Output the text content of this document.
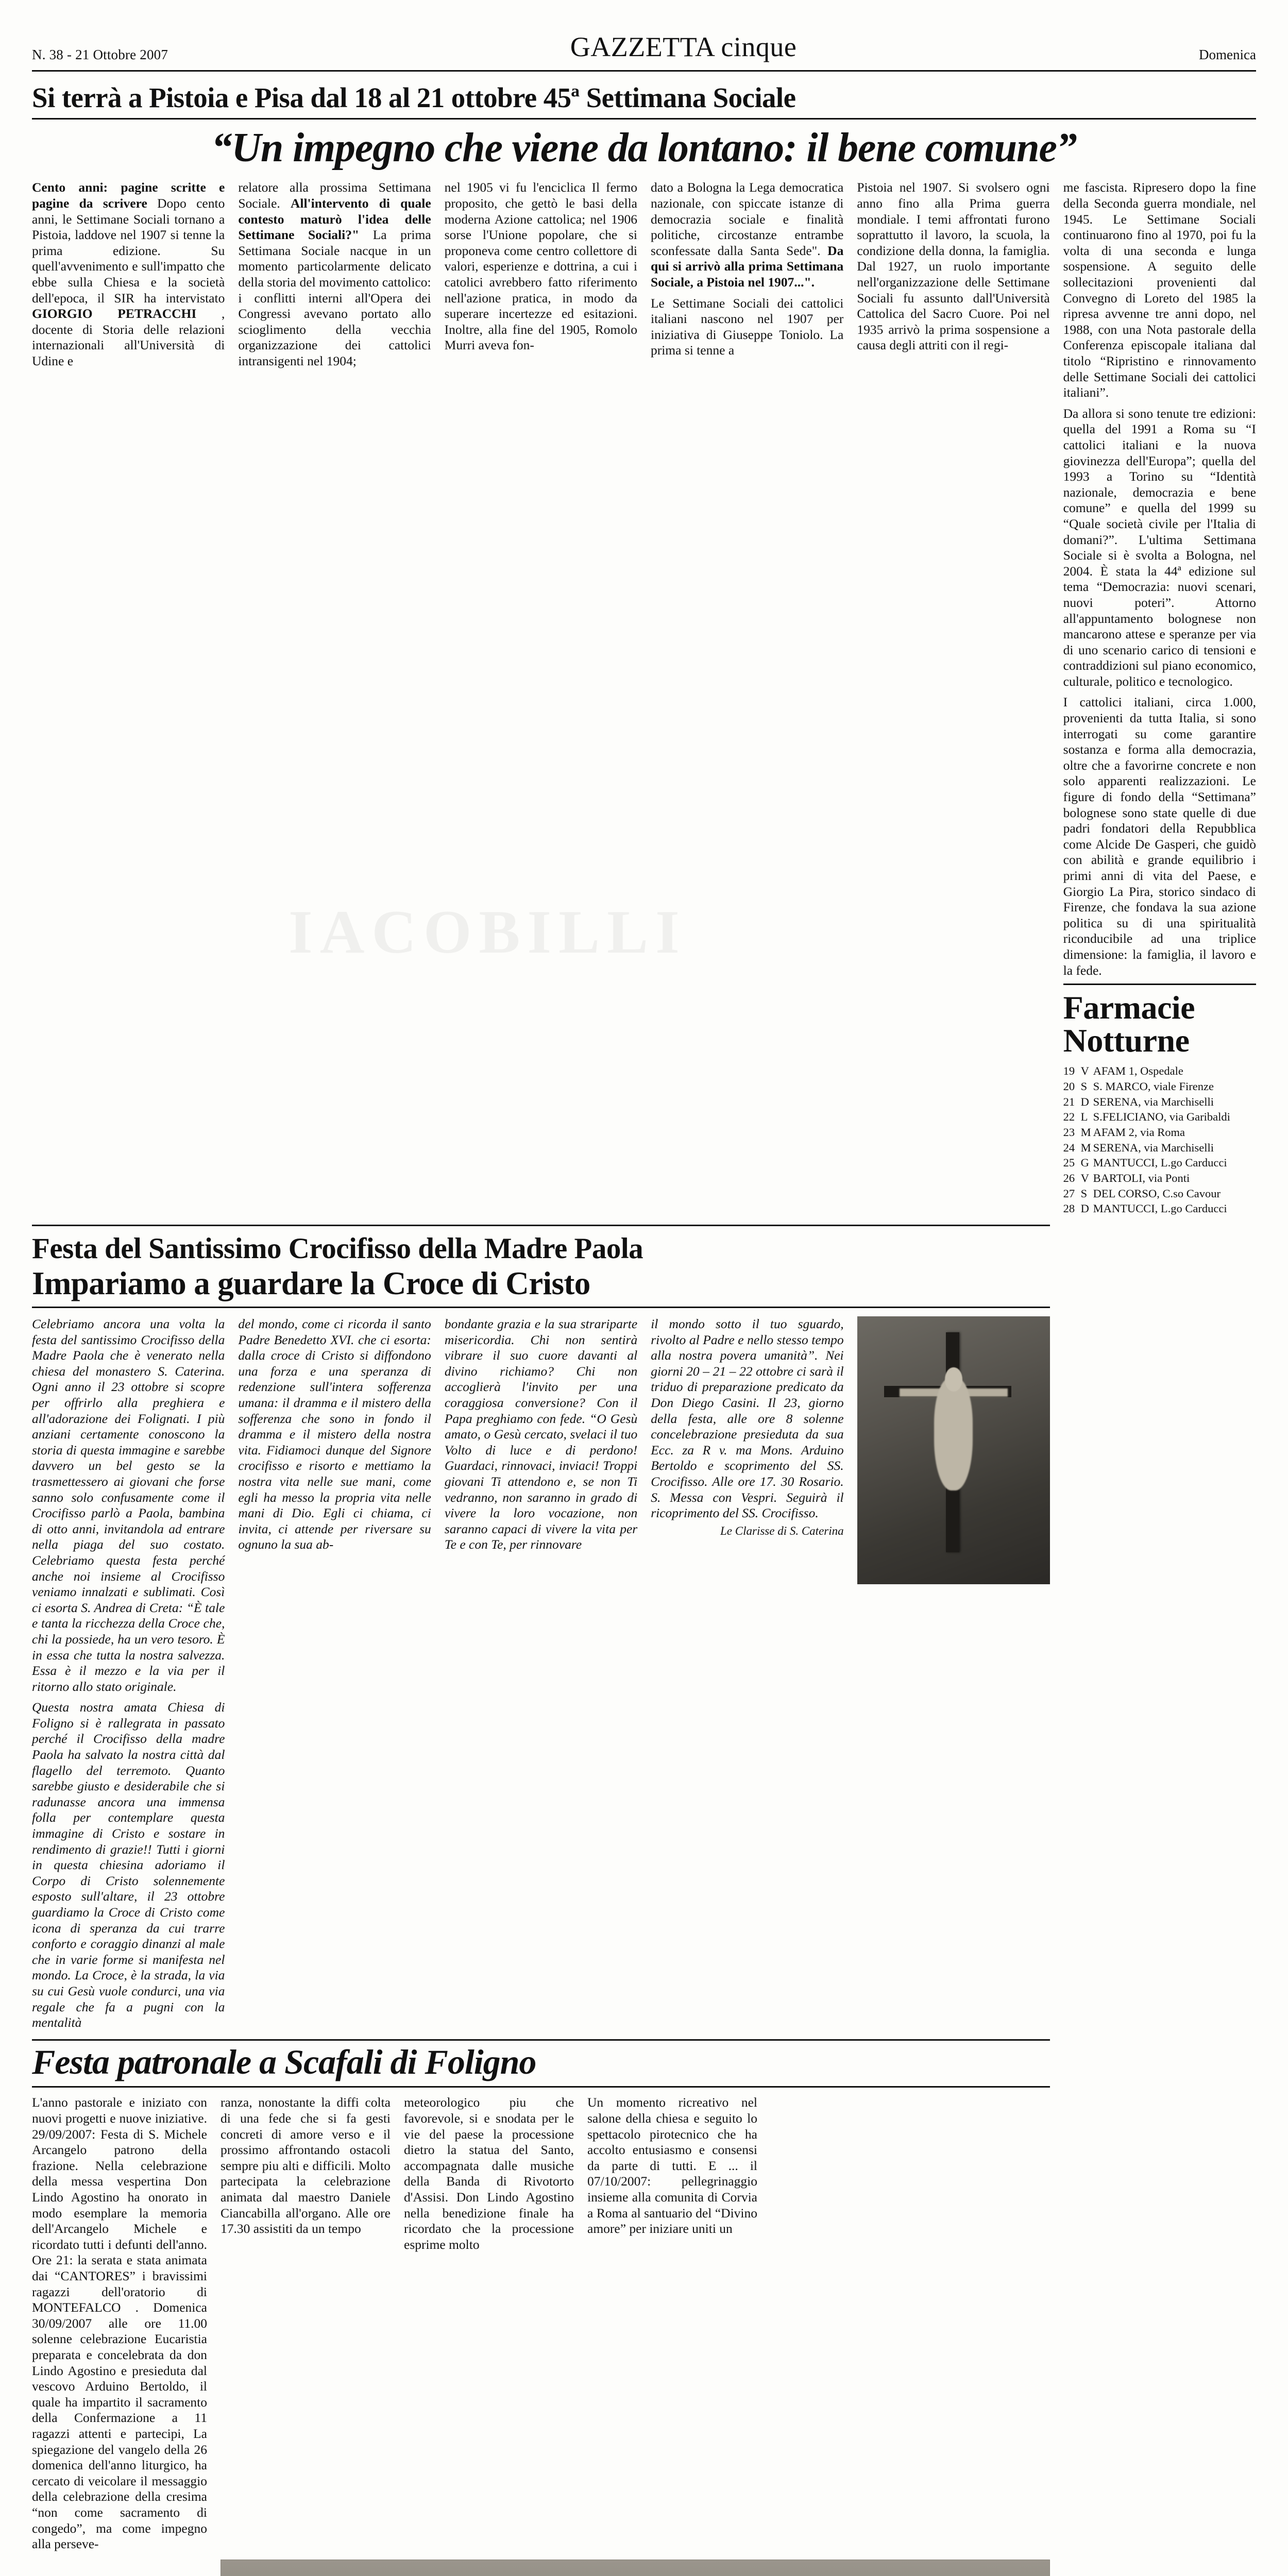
N. 38 - 21 Ottobre 2007	GAZZETTA cinque	Domenica
Si terrà a Pistoia e Pisa dal 18 al 21 ottobre 45ª Settimana Sociale
“Un impegno che viene da lontano: il bene comune”
Cento anni: pagine scritte e pagine da scrivere Dopo cento anni, le Settimane Sociali tornano a Pistoia, laddove nel 1907 si tenne la prima edizione. Su quell'avvenimento e sull'impatto che ebbe sulla Chiesa e la società dell'epoca, il SIR ha intervistato GIORGIO PETRACCHI , docente di Storia delle relazioni internazionali all'Università di Udine e
relatore alla prossima Settimana Sociale. All'intervento di quale contesto maturò l'idea delle Settimane Sociali?" La prima Settimana Sociale nacque in un momento particolarmente delicato della storia del movimento cattolico: i conflitti interni all'Opera dei Congressi avevano portato allo scioglimento della vecchia organizzazione dei cattolici intransigenti nel 1904;
nel 1905 vi fu l'enciclica Il fermo proposito, che gettò le basi della moderna Azione cattolica; nel 1906 sorse l'Unione popolare, che si proponeva come centro collettore di valori, esperienze e dottrina, a cui i catolici avrebbero fatto riferimento nell'azione pratica, in modo da superare incertezze ed esitazioni. Inoltre, alla fine del 1905, Romolo Murri aveva fon-
dato a Bologna la Lega democratica nazionale, con spiccate istanze di democrazia sociale e finalità politiche, circostanze entrambe sconfessate dalla Santa Sede". Da qui si arrivò alla prima Settimana Sociale, a Pistoia nel 1907...".
Le Settimane Sociali dei cattolici italiani nascono nel 1907 per iniziativa di Giuseppe Toniolo. La prima si tenne a
Pistoia nel 1907. Si svolsero ogni anno fino alla Prima guerra mondiale. I temi affrontati furono soprattutto il lavoro, la scuola, la condizione della donna, la famiglia. Dal 1927, un ruolo importante nell'organizzazione delle Settimane Sociali fu assunto dall'Università Cattolica del Sacro Cuore. Poi nel 1935 arrivò la prima sospensione a causa degli attriti con il regi-
me fascista. Ripresero dopo la fine della Seconda guerra mondiale, nel 1945. Le Settimane Sociali continuarono fino al 1970, poi fu la volta di una seconda e lunga sospensione. A seguito delle sollecitazioni provenienti dal Convegno di Loreto del 1985 la ripresa avvenne tre anni dopo, nel 1988, con una Nota pastorale della Conferenza episcopale italiana dal titolo “Ripristino e rinnovamento delle Settimane Sociali dei cattolici italiani”.
Da allora si sono tenute tre edizioni: quella del 1991 a Roma su “I cattolici italiani e la nuova giovinezza dell'Europa”; quella del 1993 a Torino su “Identità nazionale, democrazia e bene comune” e quella del 1999 su “Quale società civile per l'Italia di domani?”. L'ultima Settimana Sociale si è svolta a Bologna, nel 2004. È stata la 44ª edizione sul tema “Democrazia: nuovi scenari, nuovi poteri”. Attorno all'appuntamento bolognese non mancarono attese e speranze per via di uno scenario carico di tensioni e contraddizioni sul piano economico, culturale, politico e tecnologico.
I cattolici italiani, circa 1.000, provenienti da tutta Italia, si sono interrogati su come garantire sostanza e forma alla democrazia, oltre che a favorirne concrete e non solo apparenti realizzazioni. Le figure di fondo della “Settimana” bolognese sono state quelle di due padri fondatori della Repubblica come Alcide De Gasperi, che guidò con abilità e grande equilibrio i primi anni di vita del Paese, e Giorgio La Pira, storico sindaco di Firenze, che fondava la sua azione politica su di una spiritualità riconducibile ad una triplice dimensione: la famiglia, il lavoro e la fede.
Farmacie
Notturne
19 V AFAM 1, Ospedale
20 S S. MARCO, viale Firenze
21 D SERENA, via Marchiselli
22 L S.FELICIANO, via Garibaldi
23 M AFAM 2, via Roma
24 M SERENA, via Marchiselli
25 G MANTUCCI, L.go Carducci
26 V BARTOLI, via Ponti
27 S DEL CORSO, C.so Cavour
28 D MANTUCCI, L.go Carducci
Festa del Santissimo Crocifisso della Madre Paola
Impariamo a guardare la Croce di Cristo
Celebriamo ancora una volta la festa del santissimo Crocifisso della Madre Paola che è venerato nella chiesa del monastero S. Caterina. Ogni anno il 23 ottobre si scopre per offrirlo alla preghiera e all'adorazione dei Folignati. I più anziani certamente conoscono la storia di questa immagine e sarebbe davvero un bel gesto se la trasmettessero ai giovani che forse sanno solo confusamente come il Crocifisso parlò a Paola, bambina di otto anni, invitandola ad entrare nella piaga del suo costato. Celebriamo questa festa perché anche noi insieme al Crocifisso veniamo innalzati e sublimati. Così ci esorta S. Andrea di Creta: “È tale e tanta la ricchezza della Croce che, chi la possiede, ha un vero tesoro. È in essa che tutta la nostra salvezza. Essa è il mezzo e la via per il ritorno allo stato originale.
Questa nostra amata Chiesa di Foligno si è rallegrata in passato perché il Crocifisso della madre Paola ha salvato la nostra città dal flagello del terremoto. Quanto sarebbe giusto e desiderabile che si radunasse ancora una immensa folla per contemplare questa immagine di Cristo e sostare in rendimento di grazie!! Tutti i giorni in questa chiesina adoriamo il Corpo di Cristo solennemente esposto sull'altare, il 23 ottobre guardiamo la Croce di Cristo come icona di speranza da cui trarre conforto e coraggio dinanzi al male che in varie forme si manifesta nel mondo. La Croce, è la strada, la via su cui Gesù vuole condurci, una via regale che fa a pugni con la mentalità
del mondo, come ci ricorda il santo Padre Benedetto XVI. che ci esorta: dalla croce di Cristo si diffondono una forza e una speranza di redenzione sull'intera sofferenza umana: il dramma e il mistero della sofferenza che sono in fondo il dramma e il mistero della nostra vita. Fidiamoci dunque del Signore crocifisso e risorto e mettiamo la nostra vita nelle sue mani, come egli ha messo la propria vita nelle mani di Dio. Egli ci chiama, ci invita, ci attende per riversare su ognuno la sua ab-
bondante grazia e la sua strariparte misericordia. Chi non sentirà vibrare il suo cuore davanti al divino richiamo? Chi non accoglierà l'invito per una coraggiosa conversione? Con il Papa preghiamo con fede. “O Gesù amato, o Gesù cercato, svelaci il tuo Volto di luce e di perdono! Guardaci, rinnovaci, inviaci! Troppi giovani Ti attendono e, se non Ti vedranno, non saranno in grado di vivere la loro vocazione, non saranno capaci di vivere la vita per Te e con Te, per rinnovare
il mondo sotto il tuo sguardo, rivolto al Padre e nello stesso tempo alla nostra povera umanità”. Nei giorni 20 – 21 – 22 ottobre ci sarà il triduo di preparazione predicato da Don Diego Casini. Il 23, giorno della festa, alle ore 8 solenne concelebrazione presieduta da sua Ecc. za R v. ma Mons. Arduino Bertoldo e scoprimento del SS. Crocifisso. Alle ore 17. 30 Rosario. S. Messa con Vespri. Seguirà il ricoprimento del SS. Crocifisso.
Le Clarisse di S. Caterina
Festa patronale a Scafali di Foligno
L'anno pastorale e iniziato con nuovi progetti e nuove iniziative. 29/09/2007: Festa di S. Michele Arcangelo patrono della frazione. Nella celebrazione della messa vespertina Don Lindo Agostino ha onorato in modo esemplare la memoria dell'Arcangelo Michele e ricordato tutti i defunti dell'anno. Ore 21: la serata e stata animata dai “CANTORES” i bravissimi ragazzi dell'oratorio di MONTEFALCO . Domenica 30/09/2007 alle ore 11.00 solenne celebrazione Eucaristia preparata e concelebrata da don Lindo Agostino e presieduta dal vescovo Arduino Bertoldo, il quale ha impartito il sacramento della Confermazione a 11 ragazzi attenti e partecipi, La spiegazione del vangelo della 26 domenica dell'anno liturgico, ha cercato di veicolare il messaggio della celebrazione della cresima “non come sacramento di congedo”, ma come impegno alla perseve-
ranza, nonostante la diffi colta di una fede che si fa gesti concreti di amore verso e il prossimo affrontando ostacoli sempre piu alti e difficili. Molto partecipata la celebrazione animata dal maestro Daniele Ciancabilla all'organo. Alle ore 17.30 assistiti da un tempo
meteorologico piu che favorevole, si e snodata per le vie del paese la processione dietro la statua del Santo, accompagnata dalle musiche della Banda di Rivotorto d'Assisi. Don Lindo Agostino nella benedizione finale ha ricordato che la processione esprime molto
Un momento ricreativo nel salone della chiesa e seguito lo spettacolo pirotecnico che ha accolto entusiasmo e consensi da parte di tutti. E ... il 07/10/2007: pellegrinaggio insieme alla comunita di Corvia a Roma al santuario del “Divino amore” per iniziare uniti un
IACOBILLI
